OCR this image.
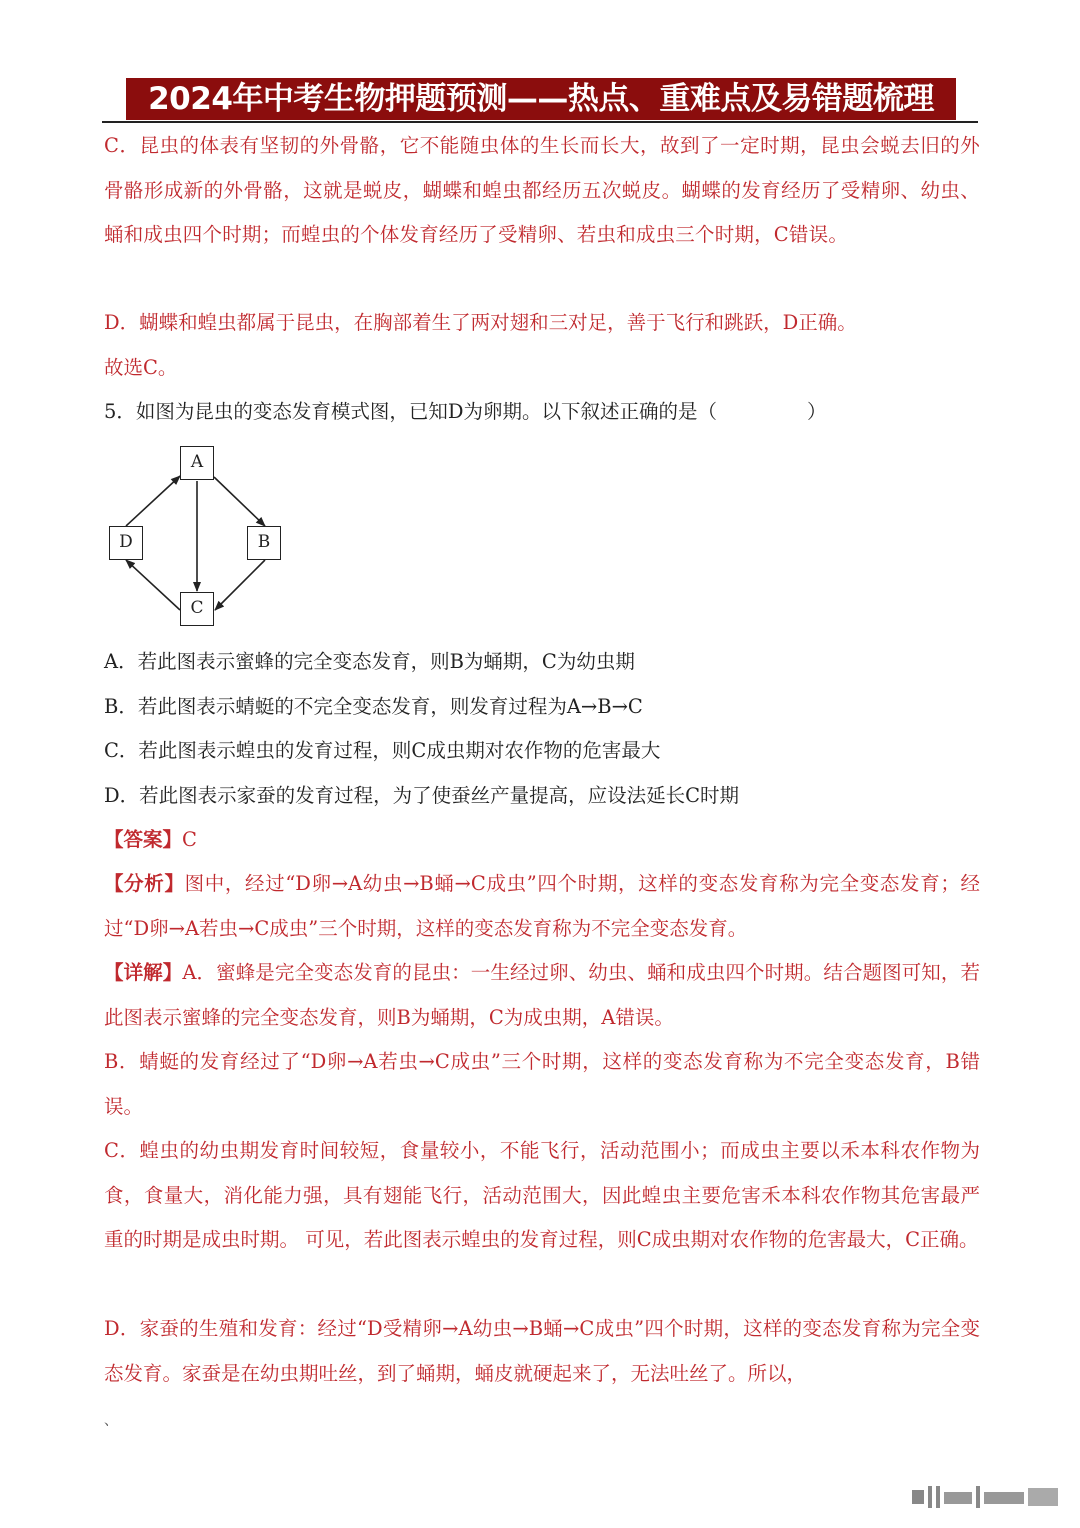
2024年中考生物押题预测——热点、重难点及易错题梳理

C．昆虫的体表有坚韧的外骨骼，它不能随虫体的生长而长大，故到了一定时期，昆虫会蜕去旧的外骨骼形成新的外骨骼，这就是蜕皮，蝴蝶和蝗虫都经历五次蜕皮。蝴蝶的发育经历了受精卵、幼虫、蛹和成虫四个时期；而蝗虫的个体发育经历了受精卵、若虫和成虫三个时期，C错误。

D．蝴蝶和蝗虫都属于昆虫，在胸部着生了两对翅和三对足，善于飞行和跳跃，D正确。

故选C。

5．如图为昆虫的变态发育模式图，已知D为卵期。以下叙述正确的是（	）

A
B
C
D

A．若此图表示蜜蜂的完全变态发育，则B为蛹期，C为幼虫期

B．若此图表示蜻蜓的不完全变态发育，则发育过程为A→B→C

C．若此图表示蝗虫的发育过程，则C成虫期对农作物的危害最大

D．若此图表示家蚕的发育过程，为了使蚕丝产量提高，应设法延长C时期

【答案】C

【分析】图中，经过“D卵→A幼虫→B蛹→C成虫”四个时期，这样的变态发育称为完全变态发育；经过“D卵→A若虫→C成虫”三个时期，这样的变态发育称为不完全变态发育。

【详解】A．蜜蜂是完全变态发育的昆虫：一生经过卵、幼虫、蛹和成虫四个时期。结合题图可知，若此图表示蜜蜂的完全变态发育，则B为蛹期，C为成虫期，A错误。

B．蜻蜓的发育经过了“D卵→A若虫→C成虫”三个时期，这样的变态发育称为不完全变态发育，B错误。

C．蝗虫的幼虫期发育时间较短，食量较小，不能飞行，活动范围小；而成虫主要以禾本科农作物为食，食量大，消化能力强，具有翅能飞行，活动范围大，因此蝗虫主要危害禾本科农作物其危害最严重的时期是成虫时期。 可见，若此图表示蝗虫的发育过程，则C成虫期对农作物的危害最大，C正确。

D．家蚕的生殖和发育：经过“D受精卵→A幼虫→B蛹→C成虫”四个时期，这样的变态发育称为完全变态发育。家蚕是在幼虫期吐丝，到了蛹期，蛹皮就硬起来了，无法吐丝了。所以，

、
